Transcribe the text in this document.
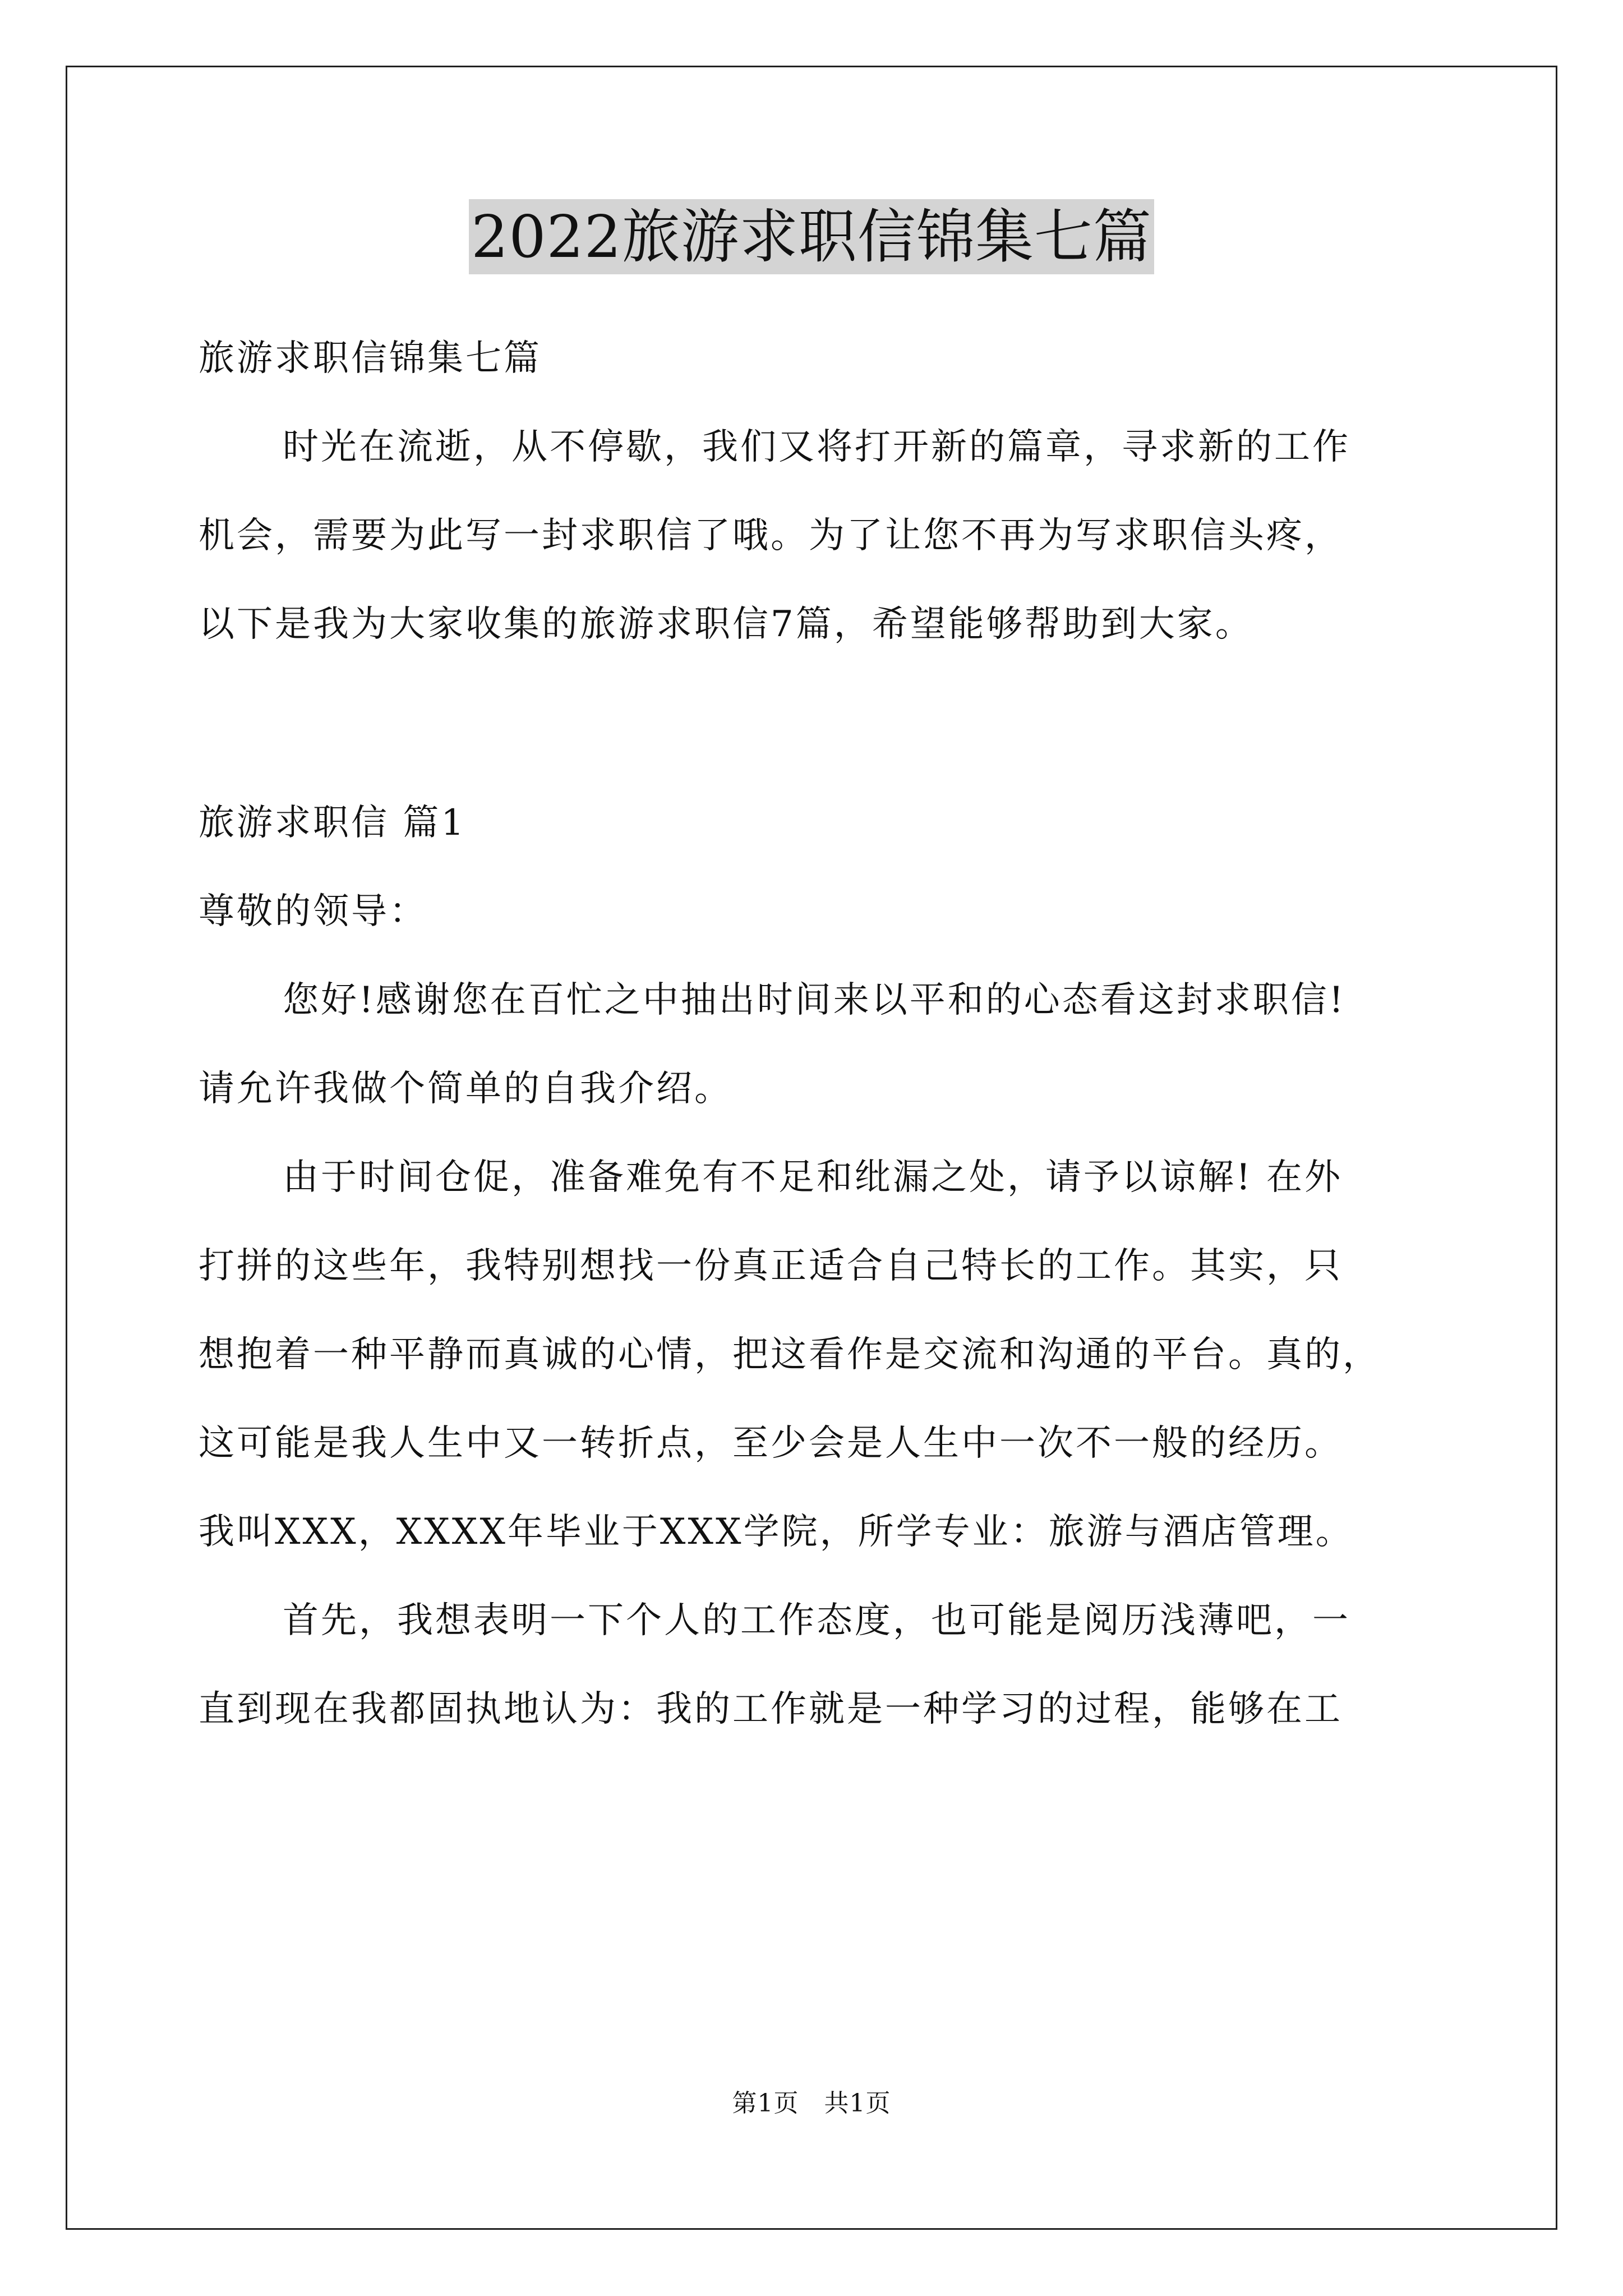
2022旅游求职信锦集七篇
旅游求职信锦集七篇
时光在流逝，从不停歇，我们又将打开新的篇章，寻求新的工作
机会，需要为此写一封求职信了哦。为了让您不再为写求职信头疼，
以下是我为大家收集的旅游求职信7篇，希望能够帮助到大家。
旅游求职信 篇1
尊敬的领导：
您好!感谢您在百忙之中抽出时间来以平和的心态看这封求职信!
请允许我做个简单的自我介绍。
由于时间仓促，准备难免有不足和纰漏之处，请予以谅解! 在外
打拼的这些年，我特别想找一份真正适合自己特长的工作。其实，只
想抱着一种平静而真诚的心情，把这看作是交流和沟通的平台。真的，
这可能是我人生中又一转折点，至少会是人生中一次不一般的经历。
我叫XXX，XXXX年毕业于XXX学院，所学专业：旅游与酒店管理。
首先，我想表明一下个人的工作态度，也可能是阅历浅薄吧，一
直到现在我都固执地认为：我的工作就是一种学习的过程，能够在工
第1页　共1页
